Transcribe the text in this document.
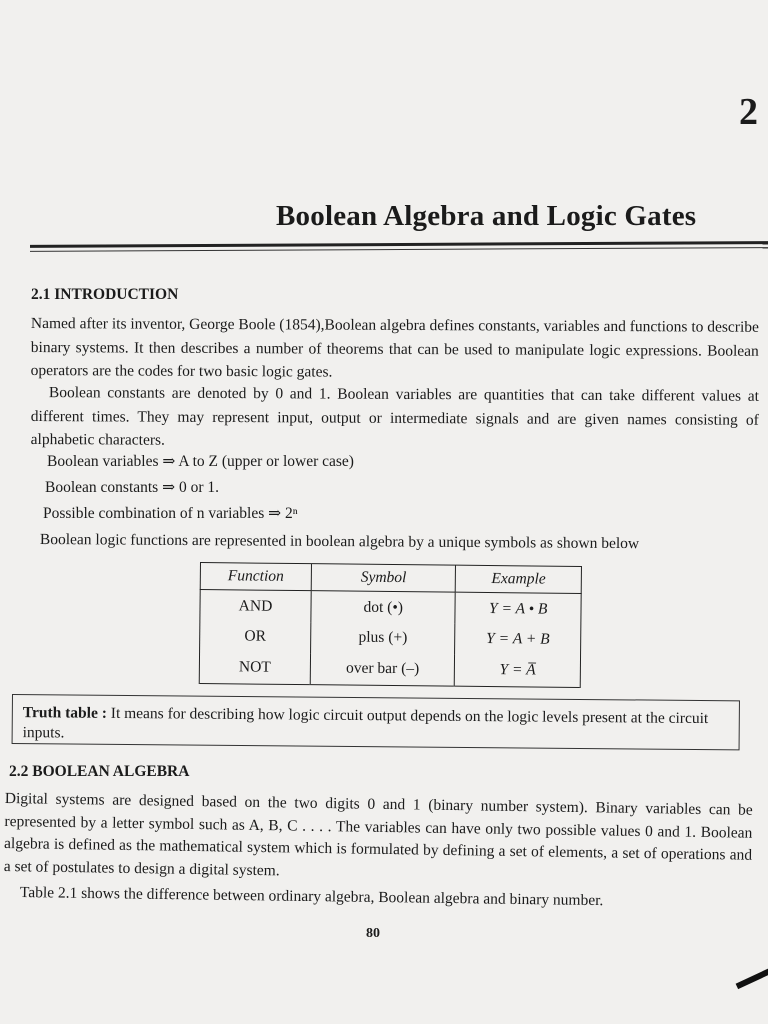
2
Boolean Algebra and Logic Gates
2.1 INTRODUCTION
Named after its inventor, George Boole (1854),Boolean algebra defines constants, variables and functions to describe binary systems. It then describes a number of theorems that can be used to manipulate logic expressions. Boolean operators are the codes for two basic logic gates.
Boolean constants are denoted by 0 and 1. Boolean variables are quantities that can take different values at different times. They may represent input, output or intermediate signals and are given names consisting of alphabetic characters.
Boolean variables ⇒ A to Z (upper or lower case)
Boolean constants ⇒ 0 or 1.
Possible combination of n variables ⇒ 2ⁿ
Boolean logic functions are represented in boolean algebra by a unique symbols as shown below
Function	Symbol	Example
AND	dot (•)	Y = A • B
OR	plus (+)	Y = A + B
NOT	over bar (–)	Y = A̅
Truth table : It means for describing how logic circuit output depends on the logic levels present at the circuit inputs.
2.2 BOOLEAN ALGEBRA
Digital systems are designed based on the two digits 0 and 1 (binary number system). Binary variables can be represented by a letter symbol such as A, B, C . . . . The variables can have only two possible values 0 and 1. Boolean algebra is defined as the mathematical system which is formulated by defining a set of elements, a set of operations and a set of postulates to design a digital system.
Table 2.1 shows the difference between ordinary algebra, Boolean algebra and binary number.
80
